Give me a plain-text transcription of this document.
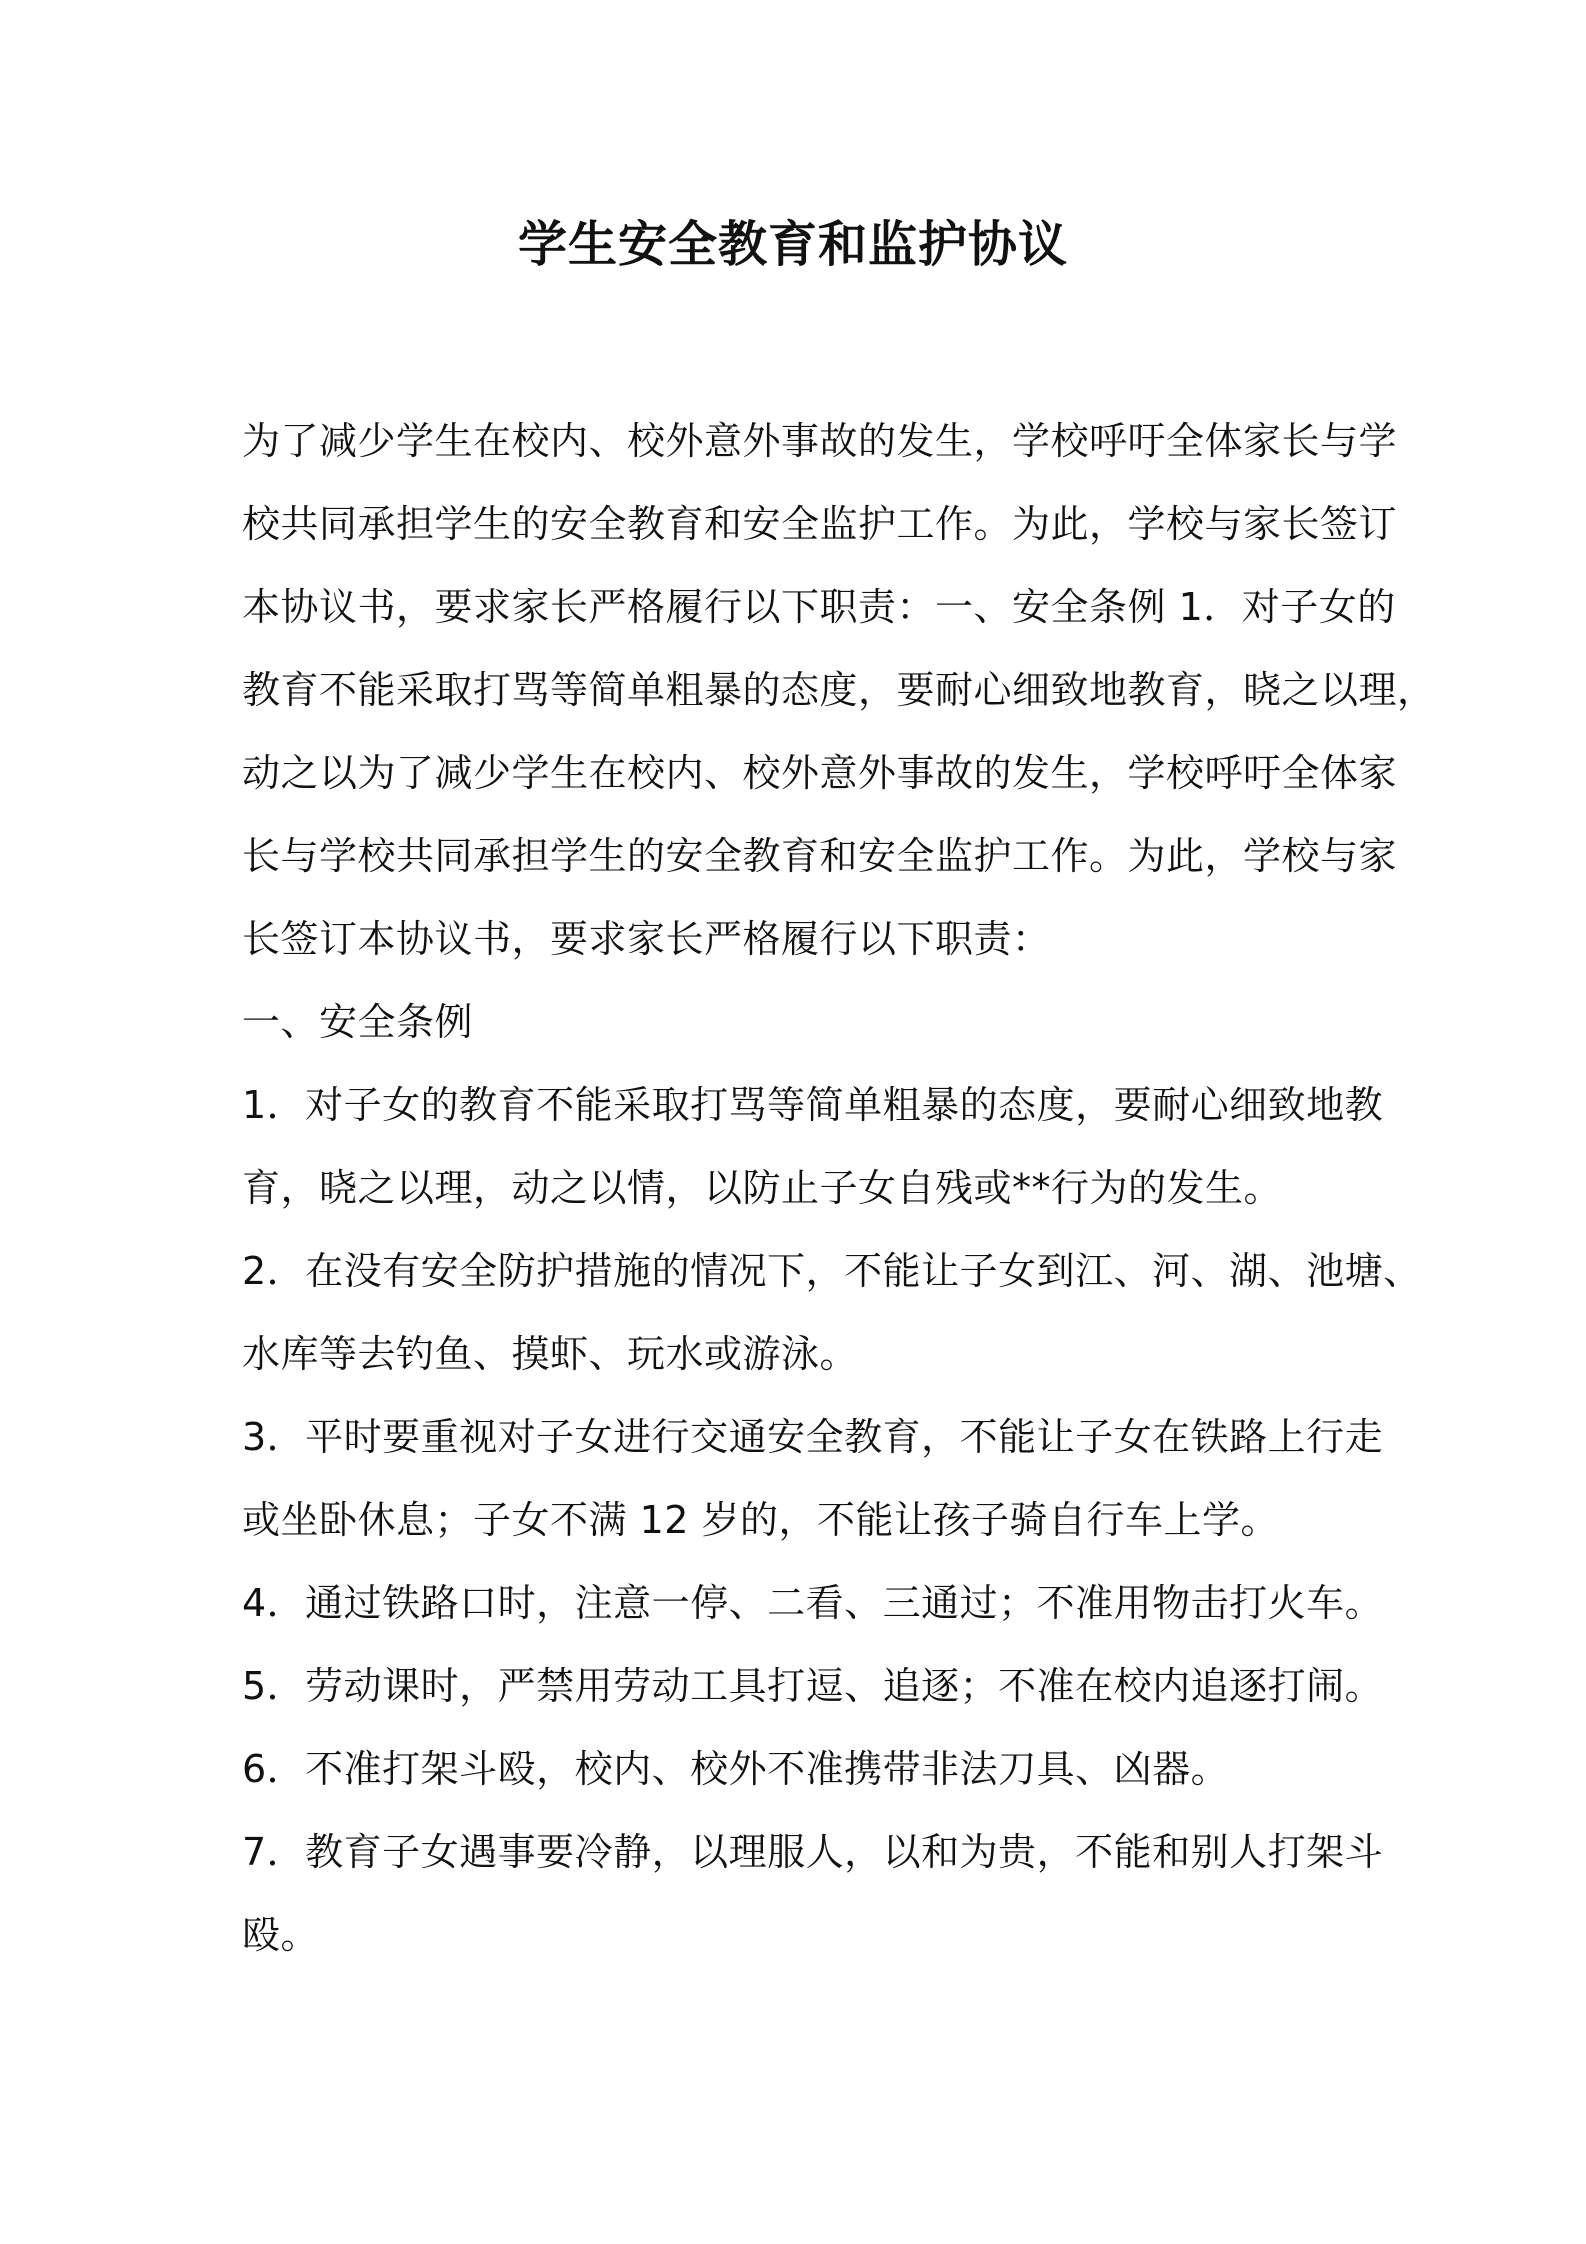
学生安全教育和监护协议
为了减少学生在校内、校外意外事故的发生，学校呼吁全体家长与学
校共同承担学生的安全教育和安全监护工作。为此，学校与家长签订
本协议书，要求家长严格履行以下职责：一、安全条例 1．对子女的
教育不能采取打骂等简单粗暴的态度，要耐心细致地教育，晓之以理，
动之以为了减少学生在校内、校外意外事故的发生，学校呼吁全体家
长与学校共同承担学生的安全教育和安全监护工作。为此，学校与家
长签订本协议书，要求家长严格履行以下职责：
一、安全条例
1．对子女的教育不能采取打骂等简单粗暴的态度，要耐心细致地教
育，晓之以理，动之以情，以防止子女自残或**行为的发生。
2．在没有安全防护措施的情况下，不能让子女到江、河、湖、池塘、
水库等去钓鱼、摸虾、玩水或游泳。
3．平时要重视对子女进行交通安全教育，不能让子女在铁路上行走
或坐卧休息；子女不满 12 岁的，不能让孩子骑自行车上学。
4．通过铁路口时，注意一停、二看、三通过；不准用物击打火车。
5．劳动课时，严禁用劳动工具打逗、追逐；不准在校内追逐打闹。
6．不准打架斗殴，校内、校外不准携带非法刀具、凶器。
7．教育子女遇事要冷静，以理服人，以和为贵，不能和别人打架斗
殴。
